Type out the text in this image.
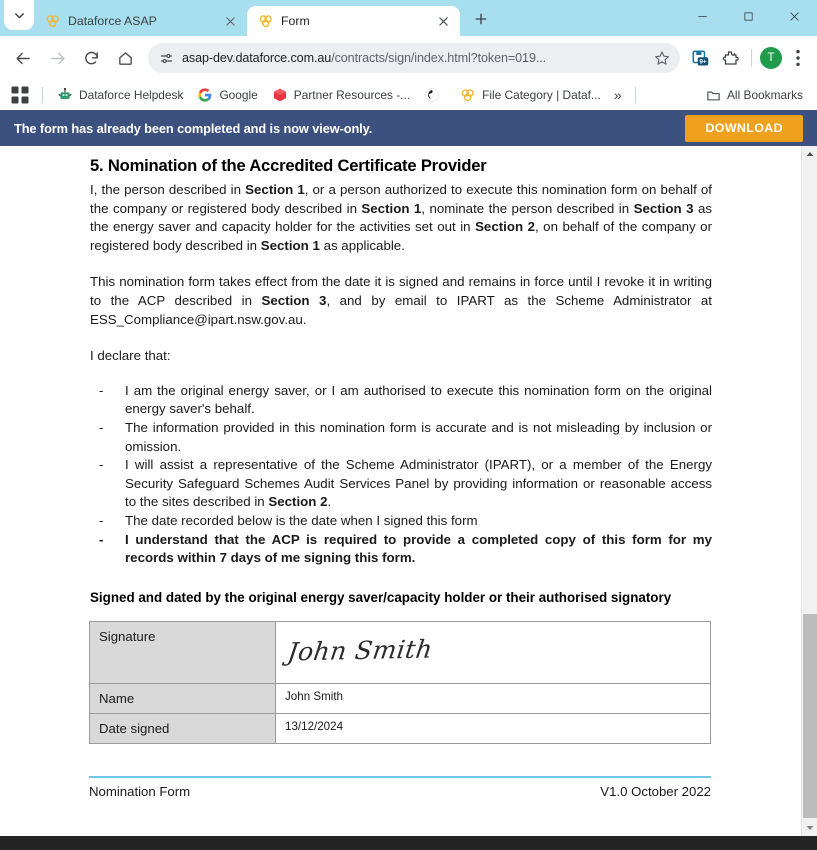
Dataforce ASAP	Form
asap-dev.dataforce.com.au/contracts/sign/index.html?token=019...	9+	T
Dataforce Helpdesk	Google	Partner Resources -...	File Category | Dataf... »	All Bookmarks
The form has already been completed and is now view-only.	DOWNLOAD
5. Nomination of the Accredited Certificate Provider

I, the person described in Section 1, or a person authorized to execute this nomination form on behalf of the company or registered body described in Section 1, nominate the person described in Section 3 as the energy saver and capacity holder for the activities set out in Section 2, on behalf of the company or registered body described in Section 1 as applicable.

This nomination form takes effect from the date it is signed and remains in force until I revoke it in writing to the ACP described in Section 3, and by email to IPART as the Scheme Administrator at ESS_Compliance@ipart.nsw.gov.au.

I declare that:

- I am the original energy saver, or I am authorised to execute this nomination form on the original energy saver's behalf.
- The information provided in this nomination form is accurate and is not misleading by inclusion or omission.
- I will assist a representative of the Scheme Administrator (IPART), or a member of the Energy Security Safeguard Schemes Audit Services Panel by providing information or reasonable access to the sites described in Section 2.
- The date recorded below is the date when I signed this form
- I understand that the ACP is required to provide a completed copy of this form for my records within 7 days of me signing this form.
Signed and dated by the original energy saver/capacity holder or their authorised signatory
Signature	John Smith

Name	John Smith
Date signed	13/12/2024
Nomination Form	V1.0 October 2022
